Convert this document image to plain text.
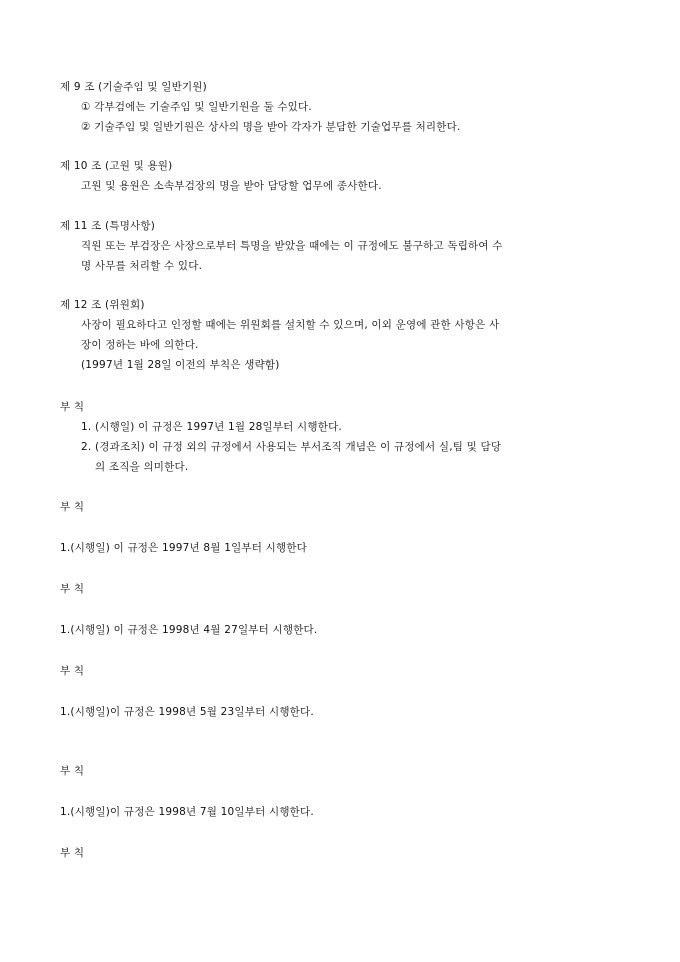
제 9 조 (기술주임 및 일반기원)
① 각부검에는 기술주임 및 일반기원을 둘 수있다.
② 기술주임 및 일반기원은 상사의 명을 받아 각자가 분담한 기술업무를 처리한다.
제 10 조 (고원 및 용원)
고원 및 용원은 소속부검장의 명을 받아 담당할 업무에 종사한다.
제 11 조 (특명사항)
직원 또는 부검장은 사장으로부터 특명을 받았을 때에는 이 규정에도 불구하고 독립하여 수
명 사무를 처리할 수 있다.
제 12 조 (위원회)
사장이 필요하다고 인정할 때에는 위원회를 설치할 수 있으며, 이외 운영에 관한 사항은 사
장이 정하는 바에 의한다.
(1997년 1월 28일 이전의 부칙은 생략함)
부 칙
1. (시행일) 이 규정은 1997년 1월 28일부터 시행한다.
2. (경과조치) 이 규정 외의 규정에서 사용되는 부서조직 개념은 이 규정에서 실,팀 및 담당
의 조직을 의미한다.
부 칙
1.(시행일) 이 규정은 1997년 8월 1일부터 시행한다
부 칙
1.(시행일) 이 규정은 1998년 4월 27일부터 시행한다.
부 칙
1.(시행일)이 규정은 1998년 5월 23일부터 시행한다.
부 칙
1.(시행일)이 규정은 1998년 7월 10일부터 시행한다.
부 칙
